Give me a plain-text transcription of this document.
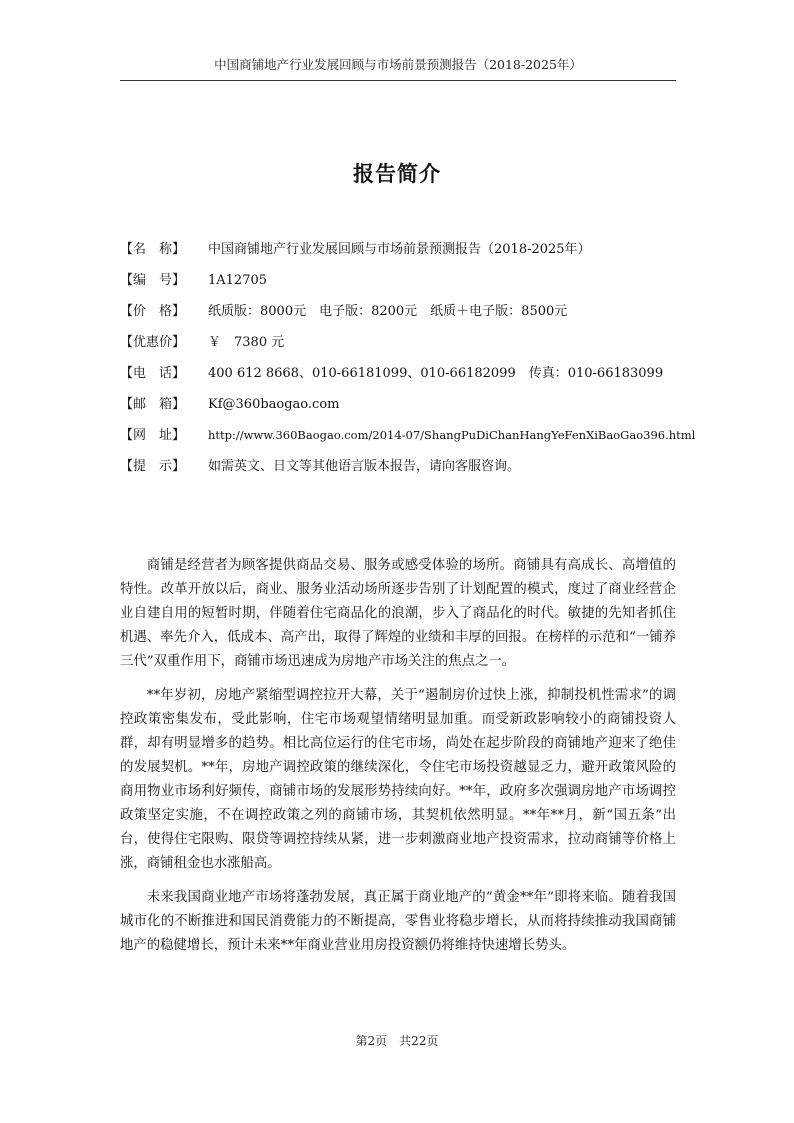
中国商铺地产行业发展回顾与市场前景预测报告（2018-2025年）
报告简介
【名　称】	中国商铺地产行业发展回顾与市场前景预测报告（2018-2025年）
【编　号】	1A12705
【价　格】	纸质版：8000元　电子版：8200元　纸质＋电子版：8500元
【优惠价】	￥　7380 元
【电　话】	400 612 8668、010-66181099、010-66182099　传真：010-66183099
【邮　箱】	Kf@360baogao.com
【网　址】	http://www.360Baogao.com/2014-07/ShangPuDiChanHangYeFenXiBaoGao396.html
【提　示】	如需英文、日文等其他语言版本报告，请向客服咨询。

商铺是经营者为顾客提供商品交易、服务或感受体验的场所。商铺具有高成长、高增值的特性。改革开放以后，商业、服务业活动场所逐步告别了计划配置的模式，度过了商业经营企业自建自用的短暂时期，伴随着住宅商品化的浪潮，步入了商品化的时代。敏捷的先知者抓住机遇、率先介入，低成本、高产出，取得了辉煌的业绩和丰厚的回报。在榜样的示范和“一铺养三代”双重作用下，商铺市场迅速成为房地产市场关注的焦点之一。

**年岁初，房地产紧缩型调控拉开大幕，关于“遏制房价过快上涨，抑制投机性需求”的调控政策密集发布，受此影响，住宅市场观望情绪明显加重。而受新政影响较小的商铺投资人群，却有明显增多的趋势。相比高位运行的住宅市场，尚处在起步阶段的商铺地产迎来了绝佳的发展契机。**年，房地产调控政策的继续深化，令住宅市场投资越显乏力，避开政策风险的商用物业市场利好频传，商铺市场的发展形势持续向好。**年，政府多次强调房地产市场调控政策坚定实施，不在调控政策之列的商铺市场，其契机依然明显。**年**月，新“国五条”出台，使得住宅限购、限贷等调控持续从紧，进一步刺激商业地产投资需求，拉动商铺等价格上涨，商铺租金也水涨船高。

未来我国商业地产市场将蓬勃发展，真正属于商业地产的“黄金**年”即将来临。随着我国城市化的不断推进和国民消费能力的不断提高，零售业将稳步增长，从而将持续推动我国商铺地产的稳健增长，预计未来**年商业营业用房投资额仍将维持快速增长势头。

第2页　共22页
